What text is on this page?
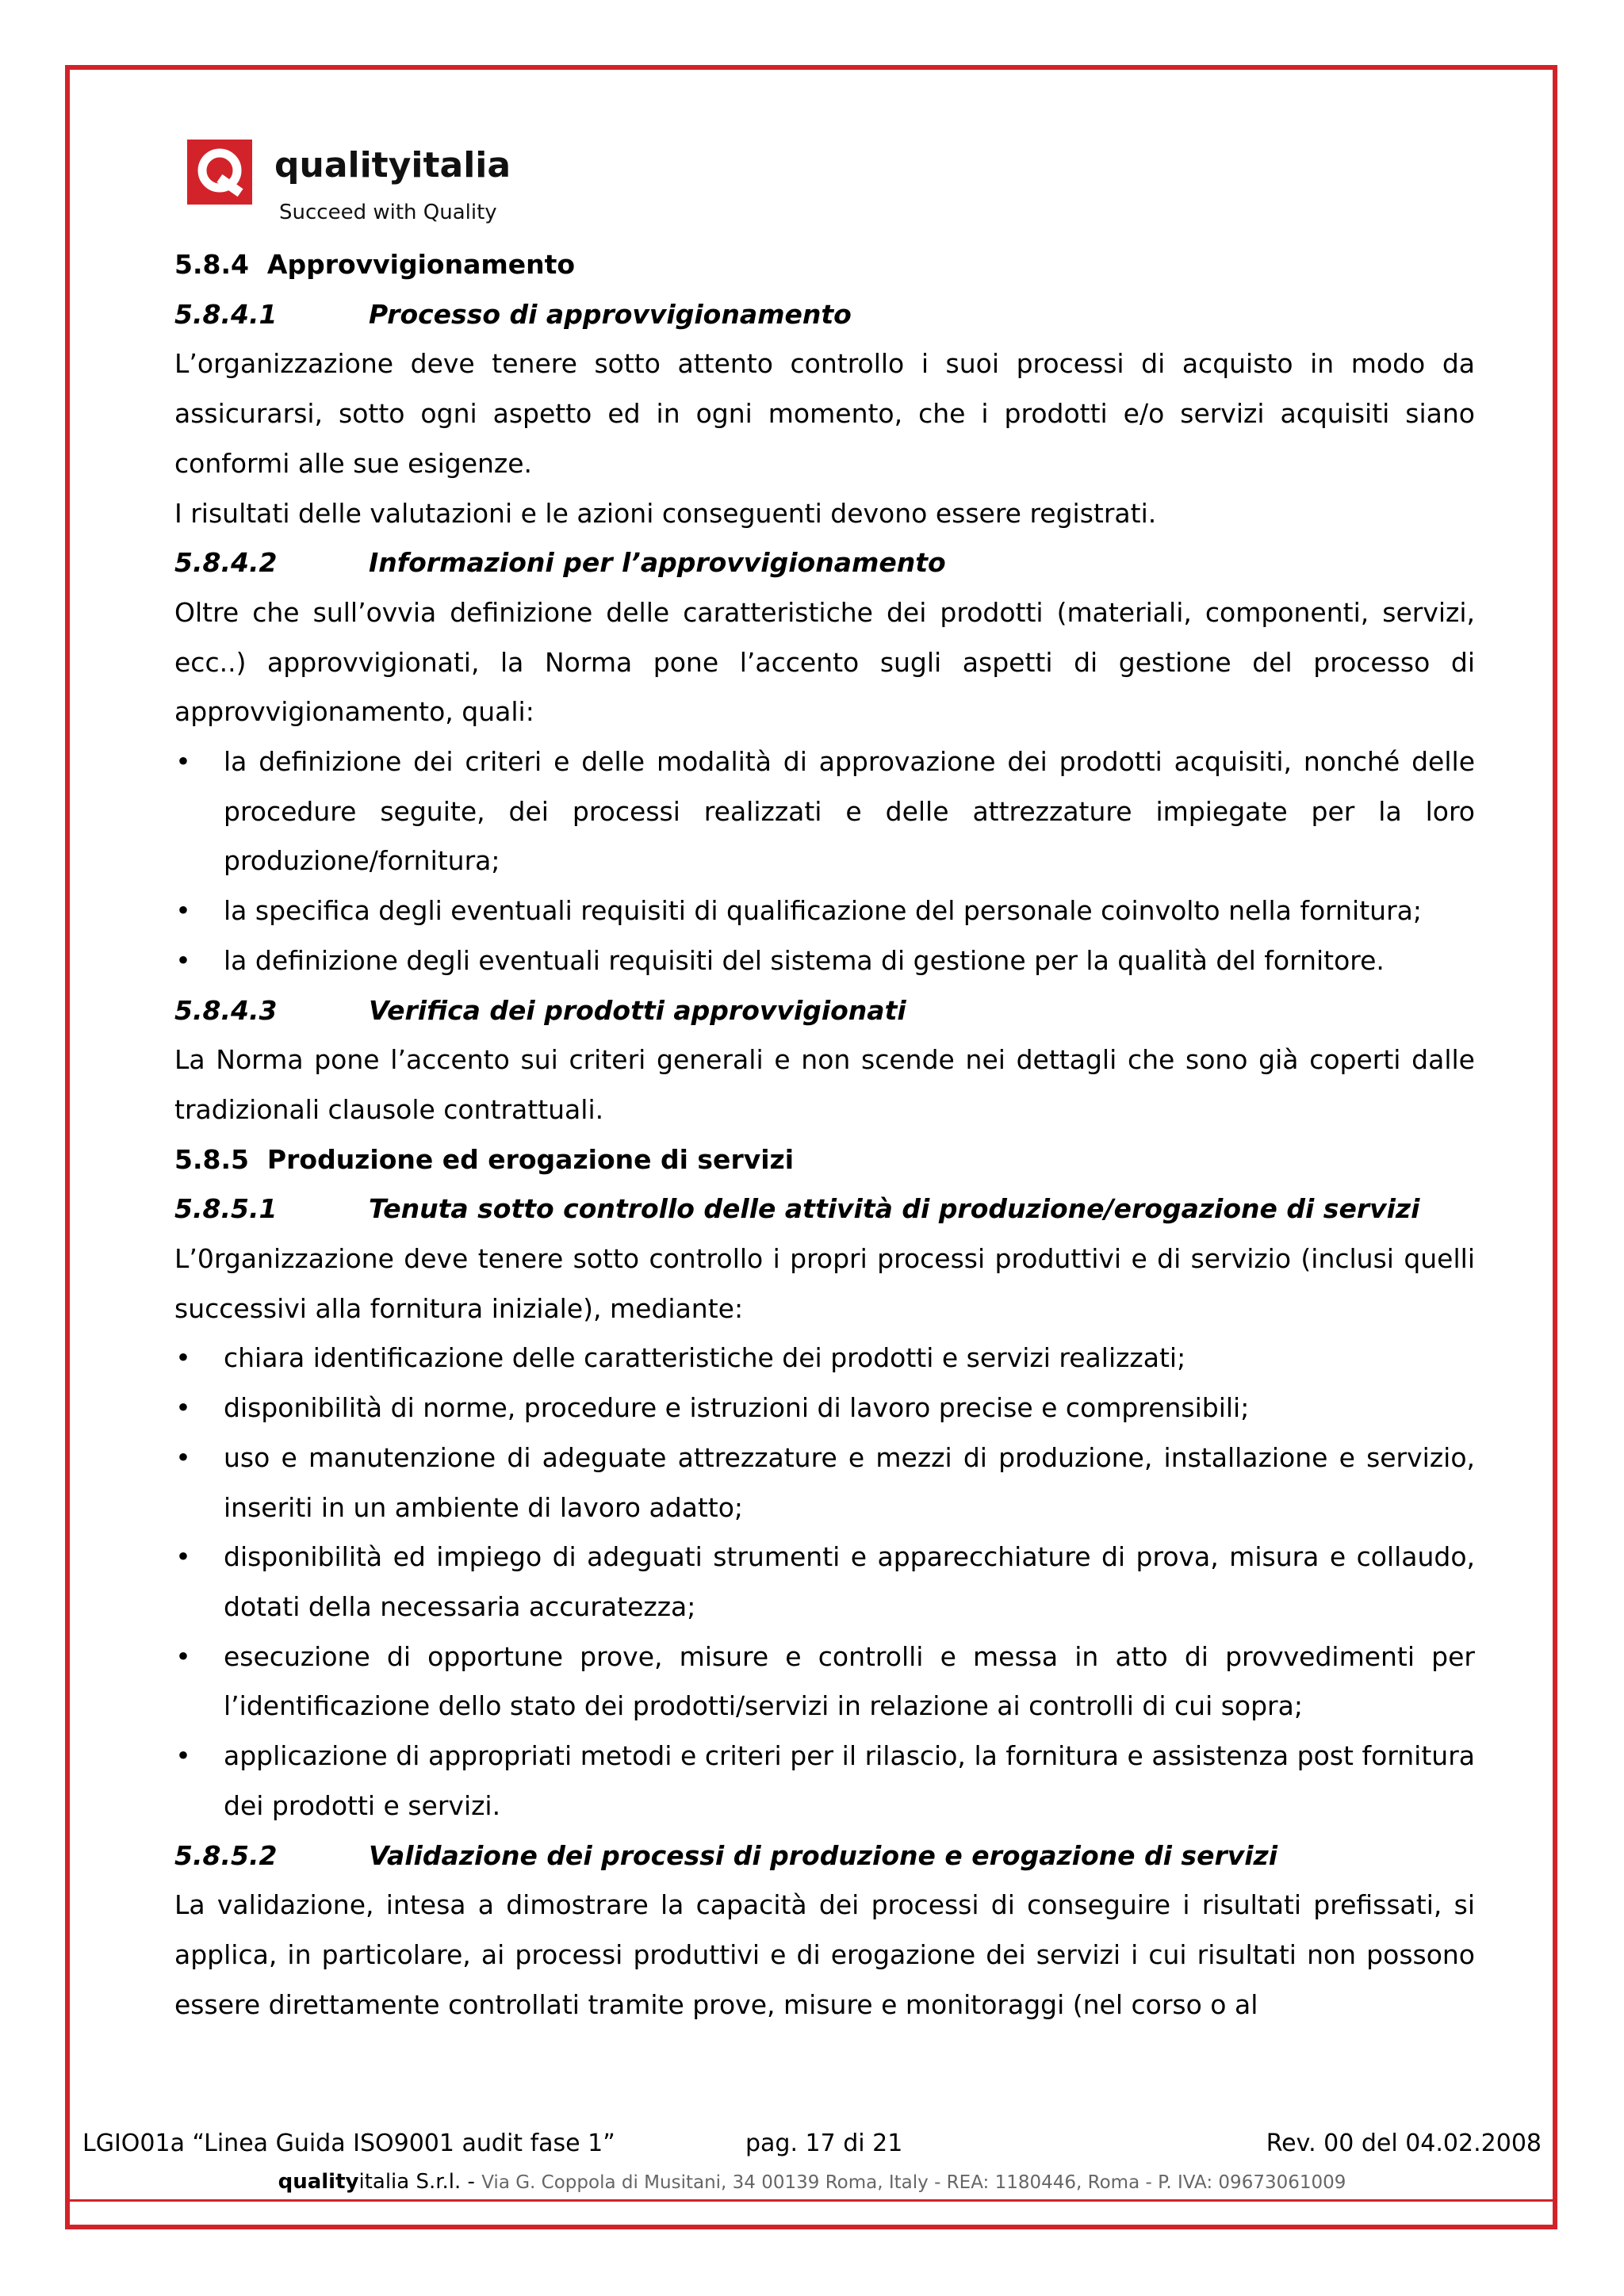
qualityitalia
Succeed with Quality
5.8.4  Approvvigionamento
5.8.4.1	Processo di approvvigionamento

L’organizzazione deve tenere sotto attento controllo i suoi processi di acquisto in modo da assicurarsi, sotto ogni aspetto ed in ogni momento, che i prodotti e/o servizi acquisiti siano conformi alle sue esigenze.

I risultati delle valutazioni e le azioni conseguenti devono essere registrati.

5.8.4.2	Informazioni per l’approvvigionamento

Oltre che sull’ovvia definizione delle caratteristiche dei prodotti (materiali, componenti, servizi, ecc..) approvvigionati, la Norma pone l’accento sugli aspetti di gestione del processo di approvvigionamento, quali:

• la definizione dei criteri e delle modalità di approvazione dei prodotti acquisiti, nonché delle procedure seguite, dei processi realizzati e delle attrezzature impiegate per la loro produzione/fornitura;
• la specifica degli eventuali requisiti di qualificazione del personale coinvolto nella fornitura;
• la definizione degli eventuali requisiti del sistema di gestione per la qualità del fornitore.
5.8.4.3	Verifica dei prodotti approvvigionati

La Norma pone l’accento sui criteri generali e non scende nei dettagli che sono già coperti dalle tradizionali clausole contrattuali.

5.8.5  Produzione ed erogazione di servizi
5.8.5.1	Tenuta sotto controllo delle attività di produzione/erogazione di servizi

L’0rganizzazione deve tenere sotto controllo i propri processi produttivi e di servizio (inclusi quelli successivi alla fornitura iniziale), mediante:

• chiara identificazione delle caratteristiche dei prodotti e servizi realizzati;
• disponibilità di norme, procedure e istruzioni di lavoro precise e comprensibili;
• uso e manutenzione di adeguate attrezzature e mezzi di produzione, installazione e servizio, inseriti in un ambiente di lavoro adatto;
• disponibilità ed impiego di adeguati strumenti e apparecchiature di prova, misura e collaudo, dotati della necessaria accuratezza;
• esecuzione di opportune prove, misure e controlli e messa in atto di provvedimenti per l’identificazione dello stato dei prodotti/servizi in relazione ai controlli di cui sopra;
• applicazione di appropriati metodi e criteri per il rilascio, la fornitura e assistenza post fornitura dei prodotti e servizi.
5.8.5.2	Validazione dei processi di produzione e erogazione di servizi

La validazione, intesa a dimostrare la capacità dei processi di conseguire i risultati prefissati, si applica, in particolare, ai processi produttivi e di erogazione dei servizi i cui risultati non possono essere direttamente controllati tramite prove, misure e monitoraggi (nel corso o al

LGIO01a “Linea Guida ISO9001 audit fase 1”	pag. 17 di 21	Rev. 00 del 04.02.2008
qualityitalia S.r.l. - Via G. Coppola di Musitani, 34 00139 Roma, Italy - REA: 1180446, Roma - P. IVA: 09673061009
